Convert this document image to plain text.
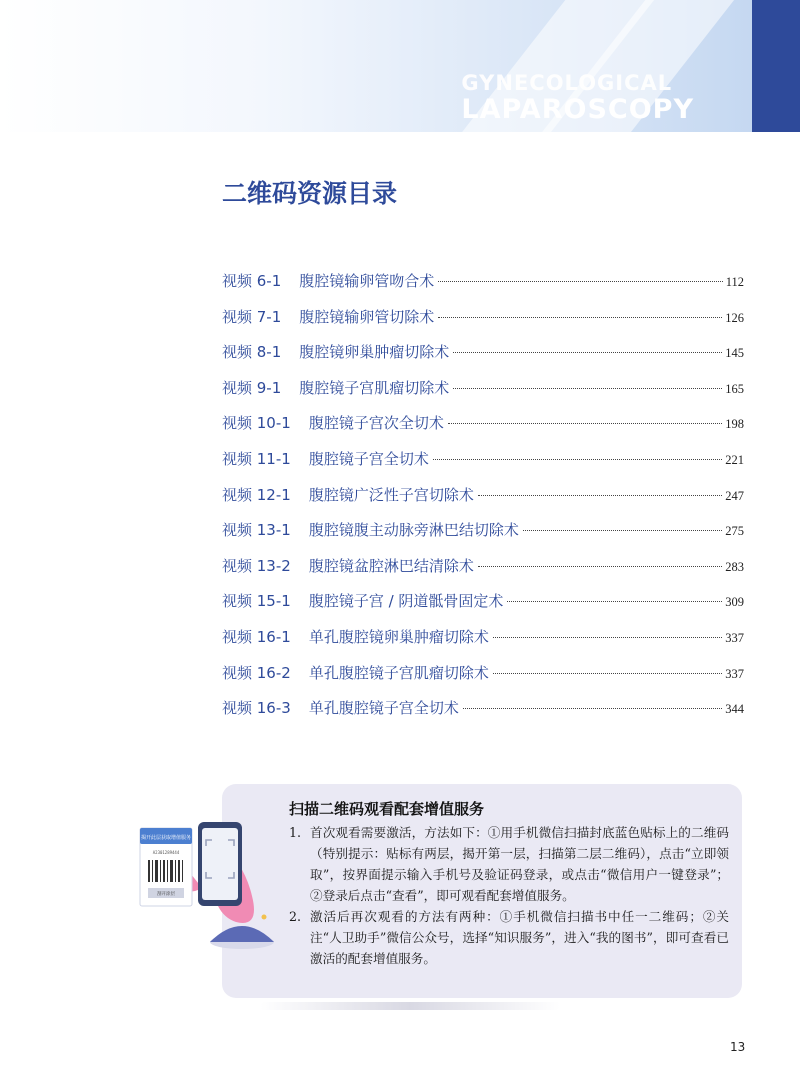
GYNECOLOGICAL
LAPAROSCOPY
二维码资源目录
视频 6-1 腹腔镜输卵管吻合术	112
视频 7-1 腹腔镜输卵管切除术	126
视频 8-1 腹腔镜卵巢肿瘤切除术	145
视频 9-1 腹腔镜子宫肌瘤切除术	165
视频 10-1 腹腔镜子宫次全切术	198
视频 11-1 腹腔镜子宫全切术	221
视频 12-1 腹腔镜广泛性子宫切除术	247
视频 13-1 腹腔镜腹主动脉旁淋巴结切除术	275
视频 13-2 腹腔镜盆腔淋巴结清除术	283
视频 15-1 腹腔镜子宫 / 阴道骶骨固定术	309
视频 16-1 单孔腹腔镜卵巢肿瘤切除术	337
视频 16-2 单孔腹腔镜子宫肌瘤切除术	337
视频 16-3 单孔腹腔镜子宫全切术	344
揭开此层获取增值服务
A2301289444
刮开涂层
扫描二维码观看配套增值服务
1. 首次观看需要激活，方法如下：①用手机微信扫描封底蓝色贴标上的二维码（特别提示：贴标有两层，揭开第一层，扫描第二层二维码），点击“立即领取”，按界面提示输入手机号及验证码登录，或点击“微信用户一键登录”；②登录后点击“查看”，即可观看配套增值服务。
2. 激活后再次观看的方法有两种：①手机微信扫描书中任一二维码；②关注“人卫助手”微信公众号，选择“知识服务”，进入“我的图书”，即可查看已激活的配套增值服务。
13
